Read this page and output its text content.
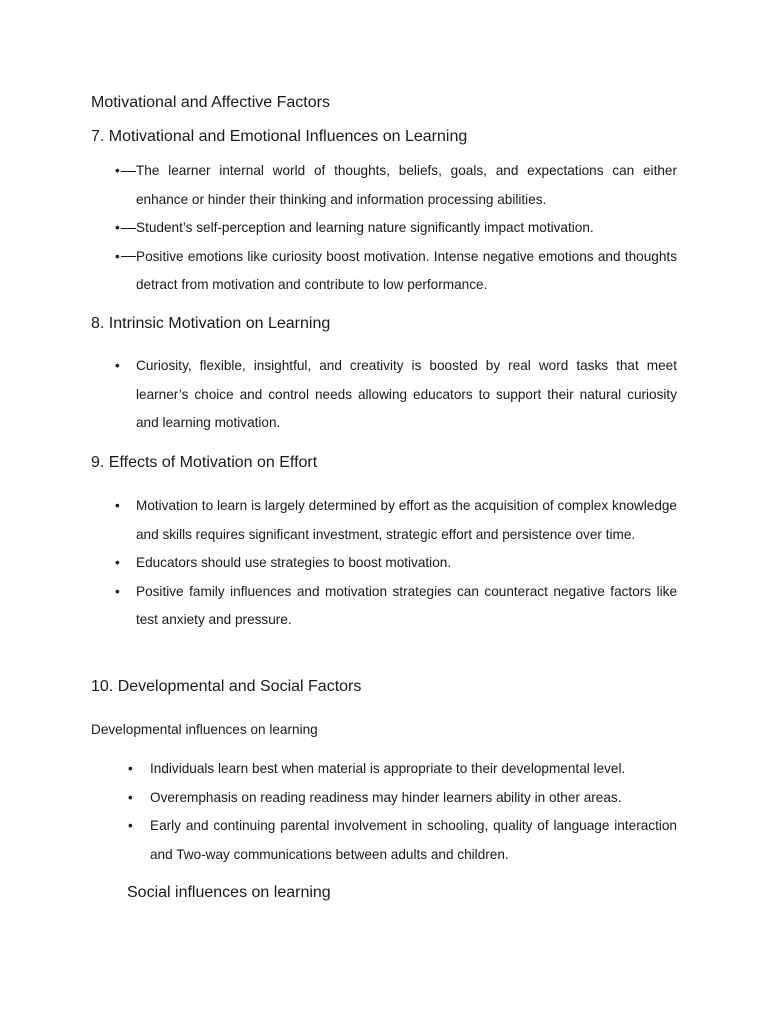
Motivational and Affective Factors
7. Motivational and Emotional Influences on Learning
• The learner internal world of thoughts, beliefs, goals, and expectations can either enhance or hinder their thinking and information processing abilities.
• Student’s self-perception and learning nature significantly impact motivation.
• Positive emotions like curiosity boost motivation. Intense negative emotions and thoughts detract from motivation and contribute to low performance.
8. Intrinsic Motivation on Learning
• Curiosity, flexible, insightful, and creativity is boosted by real word tasks that meet learner’s choice and control needs allowing educators to support their natural curiosity and learning motivation.
9. Effects of Motivation on Effort
• Motivation to learn is largely determined by effort as the acquisition of complex knowledge and skills requires significant investment, strategic effort and persistence over time.
• Educators should use strategies to boost motivation.
• Positive family influences and motivation strategies can counteract negative factors like test anxiety and pressure.
10. Developmental and Social Factors

Developmental influences on learning

• Individuals learn best when material is appropriate to their developmental level.
• Overemphasis on reading readiness may hinder learners ability in other areas.
• Early and continuing parental involvement in schooling, quality of language interaction and Two-way communications between adults and children.
Social influences on learning
